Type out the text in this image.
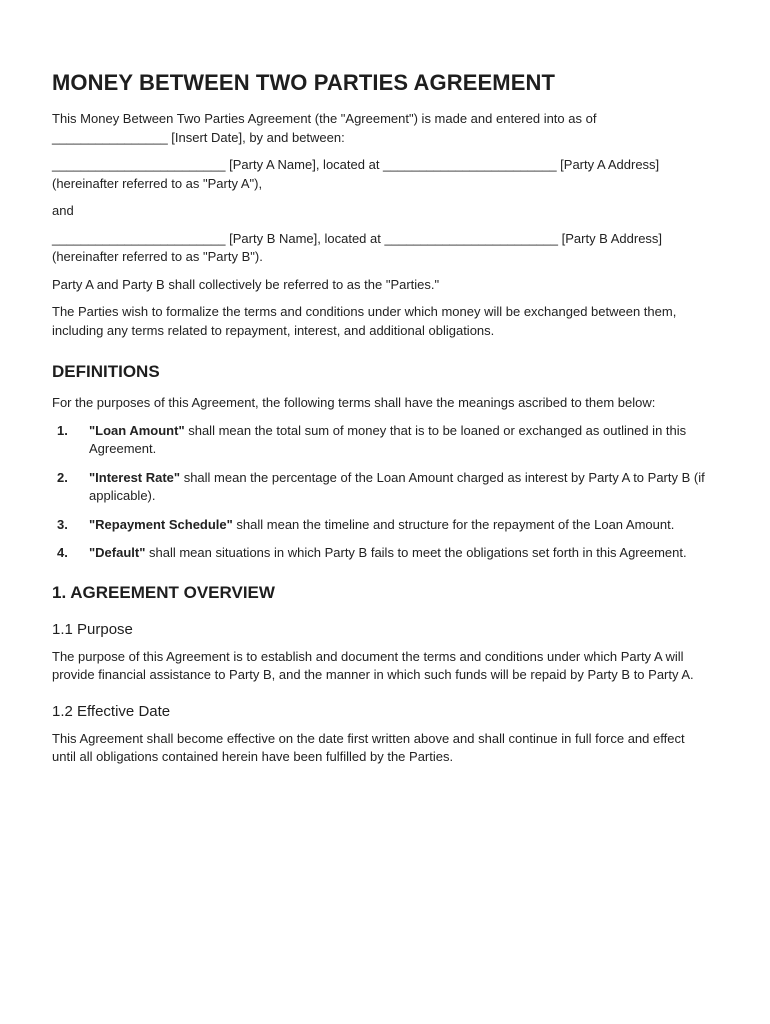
MONEY BETWEEN TWO PARTIES AGREEMENT

This Money Between Two Parties Agreement (the "Agreement") is made and entered into as of ________________ [Insert Date], by and between:

________________________ [Party A Name], located at ________________________ [Party A Address] (hereinafter referred to as "Party A"),

and

________________________ [Party B Name], located at ________________________ [Party B Address] (hereinafter referred to as "Party B").

Party A and Party B shall collectively be referred to as the "Parties."

The Parties wish to formalize the terms and conditions under which money will be exchanged between them, including any terms related to repayment, interest, and additional obligations.

DEFINITIONS

For the purposes of this Agreement, the following terms shall have the meanings ascribed to them below:

1. "Loan Amount" shall mean the total sum of money that is to be loaned or exchanged as outlined in this Agreement.
2. "Interest Rate" shall mean the percentage of the Loan Amount charged as interest by Party A to Party B (if applicable).
3. "Repayment Schedule" shall mean the timeline and structure for the repayment of the Loan Amount.
4. "Default" shall mean situations in which Party B fails to meet the obligations set forth in this Agreement.
1. AGREEMENT OVERVIEW
1.1 Purpose

The purpose of this Agreement is to establish and document the terms and conditions under which Party A will provide financial assistance to Party B, and the manner in which such funds will be repaid by Party B to Party A.

1.2 Effective Date

This Agreement shall become effective on the date first written above and shall continue in full force and effect until all obligations contained herein have been fulfilled by the Parties.
